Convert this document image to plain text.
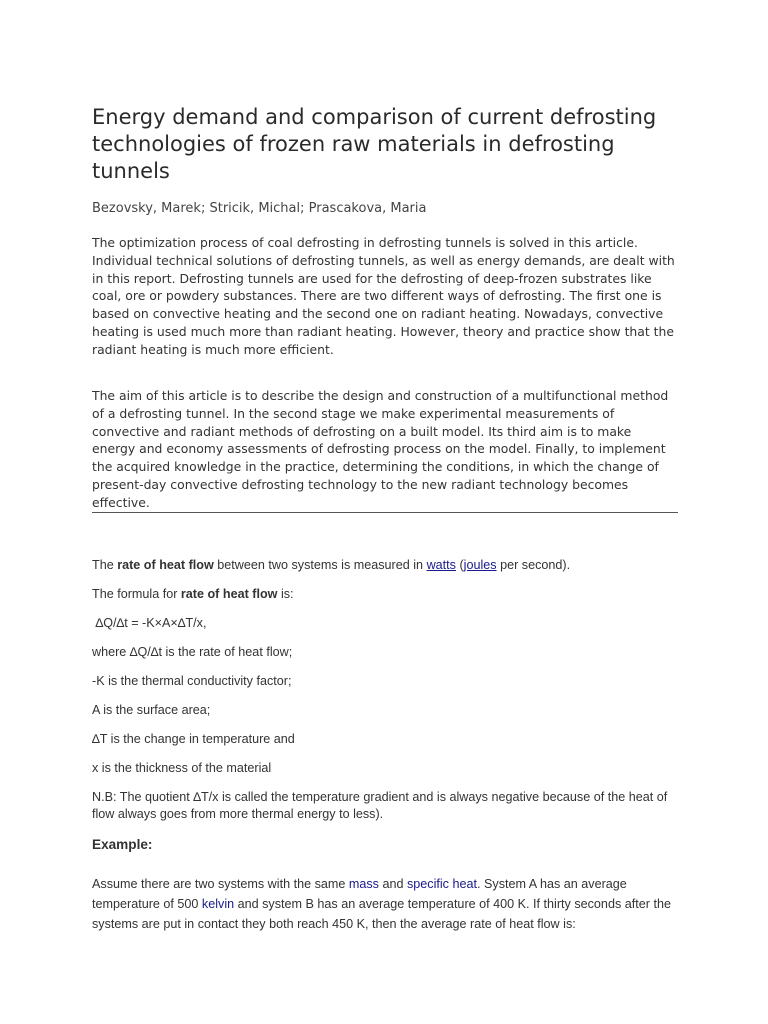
Energy demand and comparison of current defrosting technologies of frozen raw materials in defrosting tunnels

Bezovsky, Marek; Stricik, Michal; Prascakova, Maria

The optimization process of coal defrosting in defrosting tunnels is solved in this article. Individual technical solutions of defrosting tunnels, as well as energy demands, are dealt with in this report. Defrosting tunnels are used for the defrosting of deep-frozen substrates like coal, ore or powdery substances. There are two different ways of defrosting. The first one is based on convective heating and the second one on radiant heating. Nowadays, convective heating is used much more than radiant heating. However, theory and practice show that the radiant heating is much more efficient.

The aim of this article is to describe the design and construction of a multifunctional method of a defrosting tunnel. In the second stage we make experimental measurements of convective and radiant methods of defrosting on a built model. Its third aim is to make energy and economy assessments of defrosting process on the model. Finally, to implement the acquired knowledge in the practice, determining the conditions, in which the change of present-day convective defrosting technology to the new radiant technology becomes effective.

The rate of heat flow between two systems is measured in watts (joules per second).

The formula for rate of heat flow is:

∆Q/∆t = -K×A×∆T/x,

where ∆Q/∆t is the rate of heat flow;

-K is the thermal conductivity factor;

A is the surface area;

∆T is the change in temperature and

x is the thickness of the material

N.B: The quotient ∆T/x is called the temperature gradient and is always negative because of the heat of flow always goes from more thermal energy to less).

Example:

Assume there are two systems with the same mass and specific heat. System A has an average temperature of 500 kelvin and system B has an average temperature of 400 K. If thirty seconds after the systems are put in contact they both reach 450 K, then the average rate of heat flow is:
